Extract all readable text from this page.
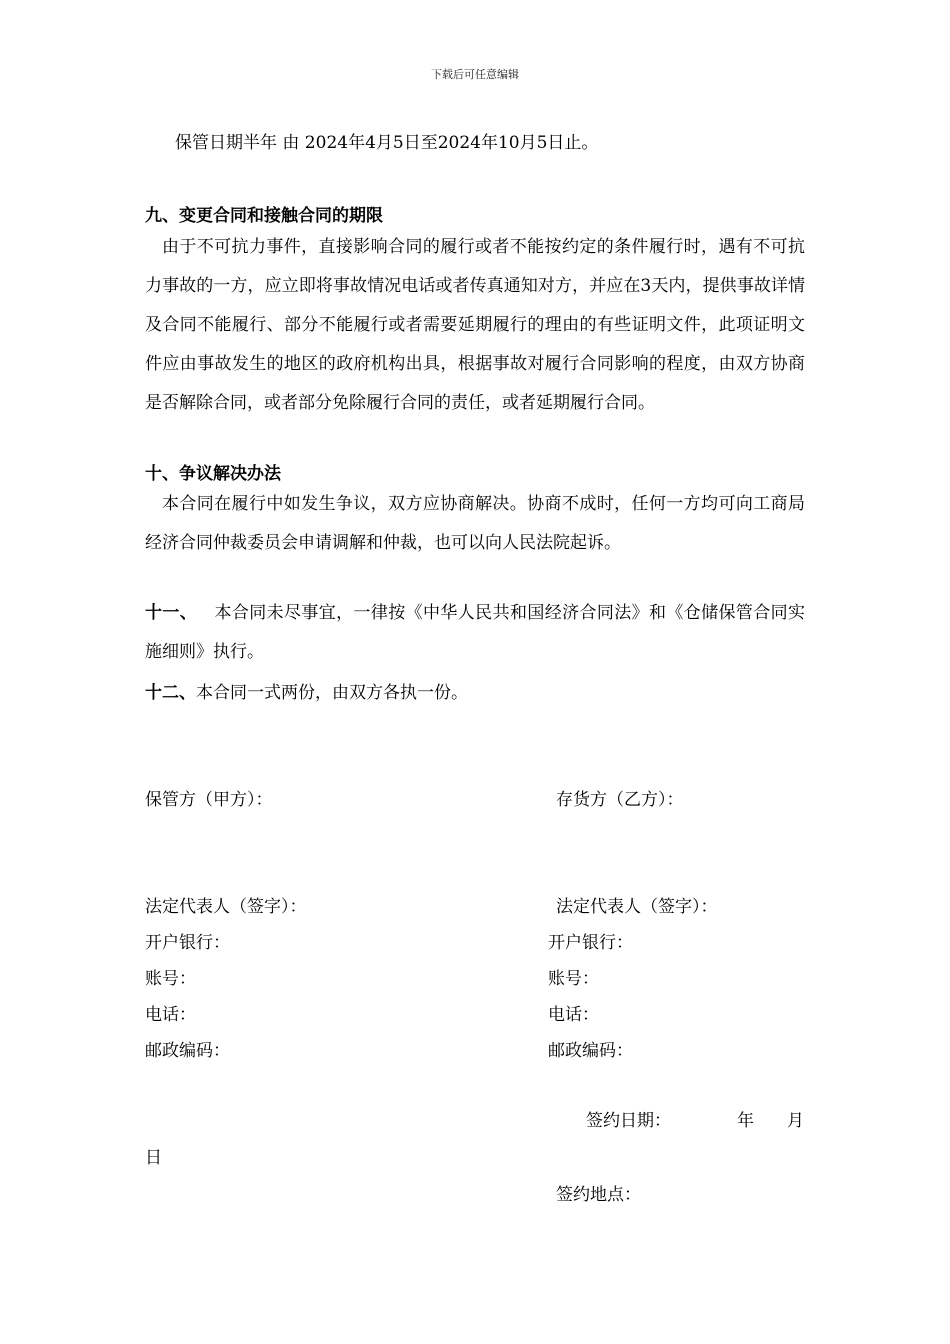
下载后可任意编辑
保管日期半年 由 2024年4月5日至2024年10月5日止。
九、变更合同和接触合同的期限
由于不可抗力事件，直接影响合同的履行或者不能按约定的条件履行时，遇有不可抗力事故的一方，应立即将事故情况电话或者传真通知对方，并应在3天内，提供事故详情及合同不能履行、部分不能履行或者需要延期履行的理由的有些证明文件，此项证明文件应由事故发生的地区的政府机构出具，根据事故对履行合同影响的程度，由双方协商是否解除合同，或者部分免除履行合同的责任，或者延期履行合同。
十、争议解决办法
本合同在履行中如发生争议，双方应协商解决。协商不成时，任何一方均可向工商局经济合同仲裁委员会申请调解和仲裁，也可以向人民法院起诉。
十一、 本合同未尽事宜，一律按《中华人民共和国经济合同法》和《仓储保管合同实施细则》执行。
十二、本合同一式两份，由双方各执一份。
保管方（甲方）：	存货方（乙方）：
法定代表人（签字）：	法定代表人（签字）：
开户银行：	开户银行：
账号：	账号：
电话：	电话：
邮政编码：	邮政编码：
签约日期：	年 月
日
签约地点：
